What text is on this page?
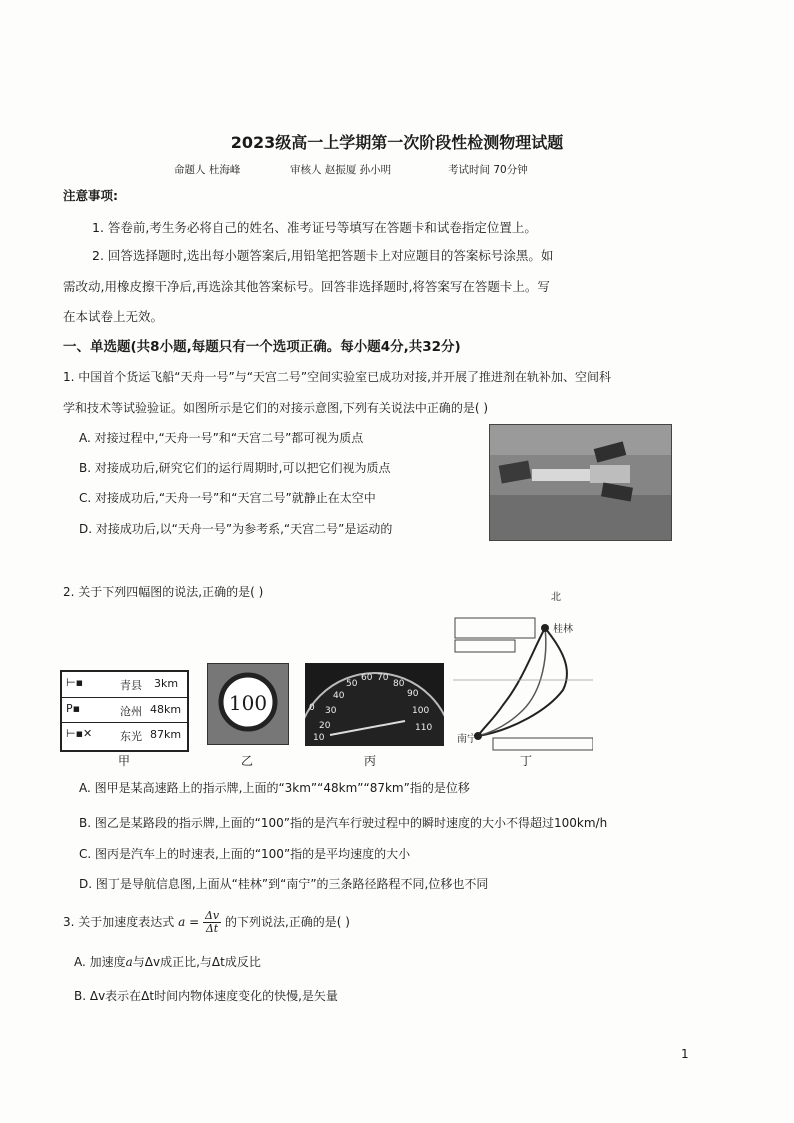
2023级高一上学期第一次阶段性检测物理试题
命题人 杜海峰	审核人 赵振厦 孙小明	考试时间 70分钟
注意事项:
1. 答卷前,考生务必将自己的姓名、准考证号等填写在答题卡和试卷指定位置上。
2. 回答选择题时,选出每小题答案后,用铅笔把答题卡上对应题目的答案标号涂黑。如
需改动,用橡皮擦干净后,再选涂其他答案标号。回答非选择题时,将答案写在答题卡上。写
在本试卷上无效。
一、单选题(共8小题,每题只有一个选项正确。每小题4分,共32分)
1. 中国首个货运飞船“天舟一号”与“天宫二号”空间实验室已成功对接,并开展了推进剂在轨补加、空间科
学和技术等试验验证。如图所示是它们的对接示意图,下列有关说法中正确的是( )
A. 对接过程中,“天舟一号”和“天宫二号”都可视为质点
B. 对接成功后,研究它们的运行周期时,可以把它们视为质点
C. 对接成功后,“天舟一号”和“天宫二号”就静止在太空中
D. 对接成功后,以“天舟一号”为参考系,“天宫二号”是运动的
2. 关于下列四幅图的说法,正确的是( )
⊢▪	青县 3km
P▪	沧州 48km
⊢▪✕	东光 87km
100	40
50
60 70
80
90
100
110
30
20
10
0
北
桂林
南宁
甲	乙	丙	丁
A. 图甲是某高速路上的指示牌,上面的“3km”“48km”“87km”指的是位移
B. 图乙是某路段的指示牌,上面的“100”指的是汽车行驶过程中的瞬时速度的大小不得超过100km/h
C. 图丙是汽车上的时速表,上面的“100”指的是平均速度的大小
D. 图丁是导航信息图,上面从“桂林”到“南宁”的三条路径路程不同,位移也不同
3. 关于加速度表达式 $a = \frac{\Delta v}{\Delta t}$ 的下列说法,正确的是( )
A. 加速度a与Δv成正比,与Δt成反比
B. Δv表示在Δt时间内物体速度变化的快慢,是矢量
1
